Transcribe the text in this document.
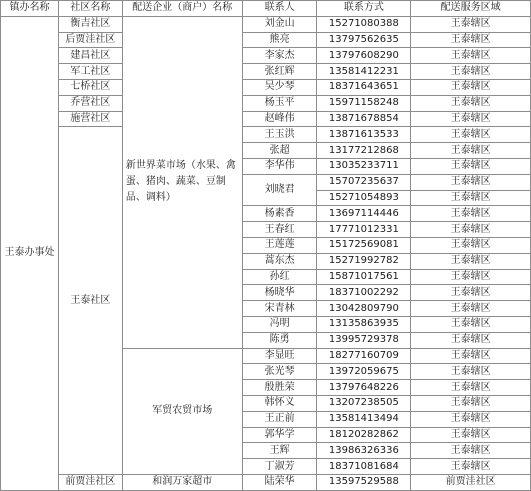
镇办名称	社区名称	配送企业（商户）名称	联系人	联系方式	配送服务区域
王泰办事处	衡吉社区	新世界菜市场（水果、禽蛋、猪肉、蔬菜、豆制品、调料）	刘金山	15271080388	王泰辖区
	后贾洼社区		熊亮	13797562635	王泰辖区
	建昌社区		李家杰	13797608290	王泰辖区
	军工社区		张红辉	13581412231	王泰辖区
	七桥社区		吴少琴	18371643651	王泰辖区
	乔营社区		杨玉平	15971158248	王泰辖区
	施营社区		赵峰伟	13871678854	王泰辖区
	王泰社区		王玉洪	13871613533	王泰辖区
			张超	13177212868	王泰辖区
			李华伟	13035233711	王泰辖区
			刘晓君	15707235637	王泰辖区
				15271054893	王泰辖区
			杨素香	13697114446	王泰辖区
			王春红	17771012331	王泰辖区
			王莲莲	15172569081	王泰辖区
			蒿东杰	15271992782	王泰辖区
			孙红	15871017561	王泰辖区
			杨晓华	18371002292	王泰辖区
			宋青林	13042809790	王泰辖区
			冯明	13135863935	王泰辖区
			陈勇	13995729378	王泰辖区
		军贸农贸市场	李显旺	18277160709	王泰辖区
			张光琴	13972059675	王泰辖区
			殷胜荣	13797648226	王泰辖区
			韩怀义	13207238505	王泰辖区
			王正前	13581413494	王泰辖区
			郭华学	18120282862	王泰辖区
			王辉	13986326336	王泰辖区
			丁淑芳	18371081684	王泰辖区
	前贾洼社区	和润万家超市	陆荣华	13597529588	前贾洼社区
